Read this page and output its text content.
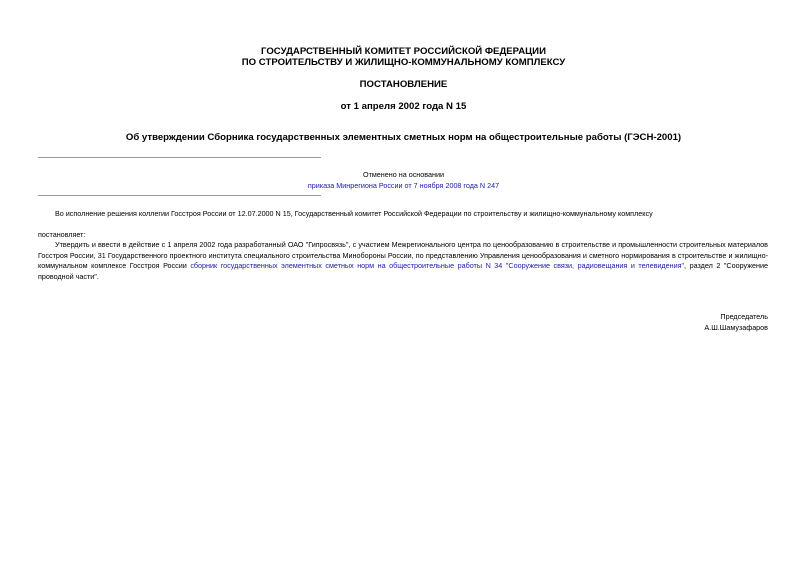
ГОСУДАРСТВЕННЫЙ КОМИТЕТ РОССИЙСКОЙ ФЕДЕРАЦИИ
ПО СТРОИТЕЛЬСТВУ И ЖИЛИЩНО-КОММУНАЛЬНОМУ КОМПЛЕКСУ
ПОСТАНОВЛЕНИЕ
от 1 апреля 2002 года N 15
Об утверждении Сборника государственных элементных сметных норм на общестроительные работы (ГЭСН-2001)
Отменено на основании
приказа Минрегиона России от 7 ноября 2008 года N 247
Во исполнение решения коллегии Госстроя России от 12.07.2000 N 15, Государственный комитет Российской Федерации по строительству и жилищно-коммунальному комплексу
постановляет:
Утвердить и ввести в действие с 1 апреля 2002 года разработанный ОАО "Гипросвязь", с участием Межрегионального центра по ценообразованию в строительстве и промышленности строительных материалов Госстроя России, 31 Государственного проектного института специального строительства Минобороны России, по представлению Управления ценообразования и сметного нормирования в строительстве и жилищно-коммунальном комплексе Госстроя России сборник государственных элементных сметных норм на общестроительные работы N 34 "Сооружение связи, радиовещания и телевидения", раздел 2 "Сооружение проводной части".
Председатель
А.Ш.Шамузафаров
